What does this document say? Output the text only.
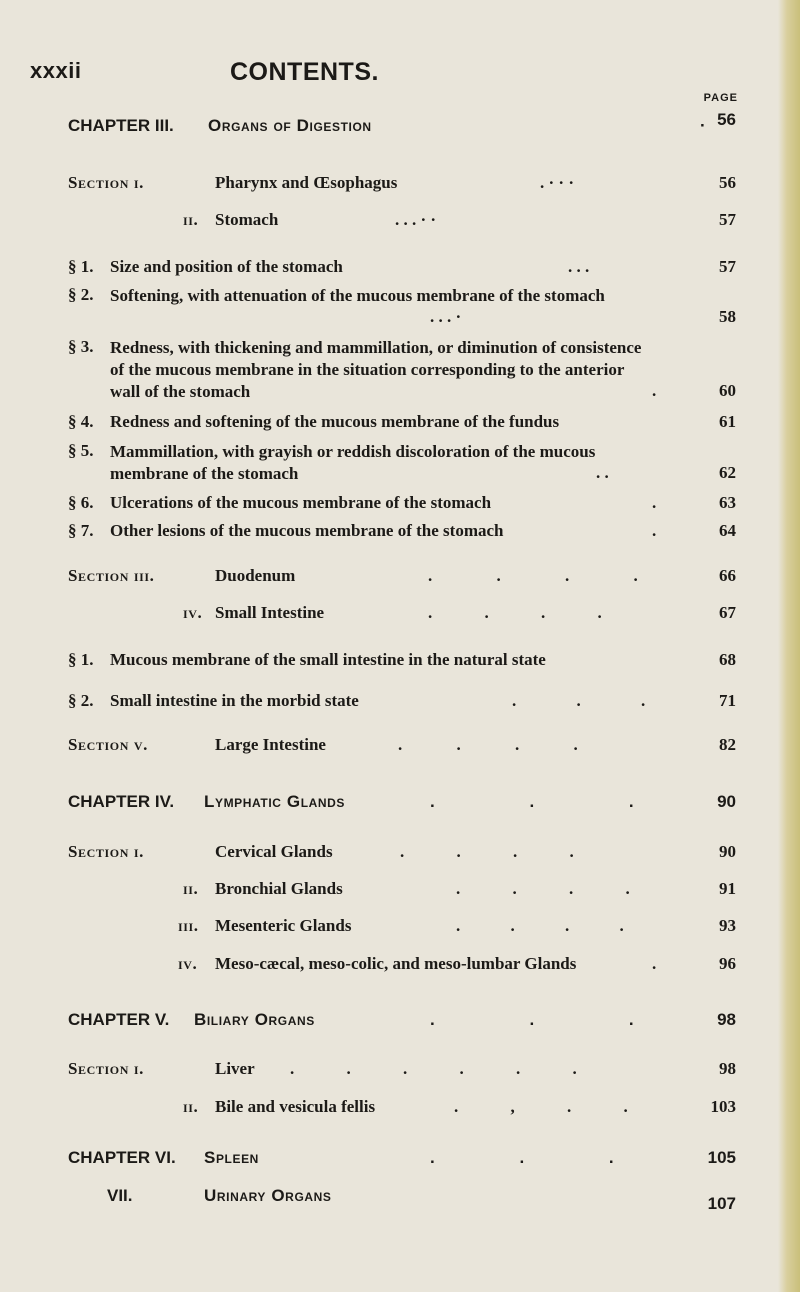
xxxii	CONTENTS.
PAGE
CHAPTER III. Organs of Digestion	· 56
Section i.	Pharynx and Œsophagus	. · · ·	56
ii. Stomach	. . . · ·	57
§ 1. Size and position of the stomach	. . .	57
§ 2. Softening, with attenuation of the mucous membrane of the stomach
. . . ·	58
§ 3. Redness, with thickening and mammillation, or diminution of consistence of the mucous membrane in the situation corresponding to the anterior wall of the stomach	.	60
§ 4. Redness and softening of the mucous membrane of the fundus	61
§ 5. Mammillation, with grayish or reddish discoloration of the mucous membrane of the stomach	. .	62
§ 6. Ulcerations of the mucous membrane of the stomach	.	63
§ 7. Other lesions of the mucous membrane of the stomach	.	64
Section iii.	Duodenum	. . . .	66
iv. Small Intestine	. . . .	67
§ 1. Mucous membrane of the small intestine in the natural state	68
§ 2. Small intestine in the morbid state	. . .	71
Section v.	Large Intestine	. . . .	82
CHAPTER IV. Lymphatic Glands	. . .	90
Section i.	Cervical Glands	. . . .	90
ii. Bronchial Glands	. . . .	91
iii. Mesenteric Glands	. . . .	93
iv. Meso-cæcal, meso-colic, and meso-lumbar Glands	.	96
CHAPTER V. Biliary Organs	. . .	98
Section i.	Liver . . . . . .	98
ii. Bile and vesicula fellis	. , . .	103
CHAPTER VI. Spleen	. . .	105
VII.	Urinary Organs	107
